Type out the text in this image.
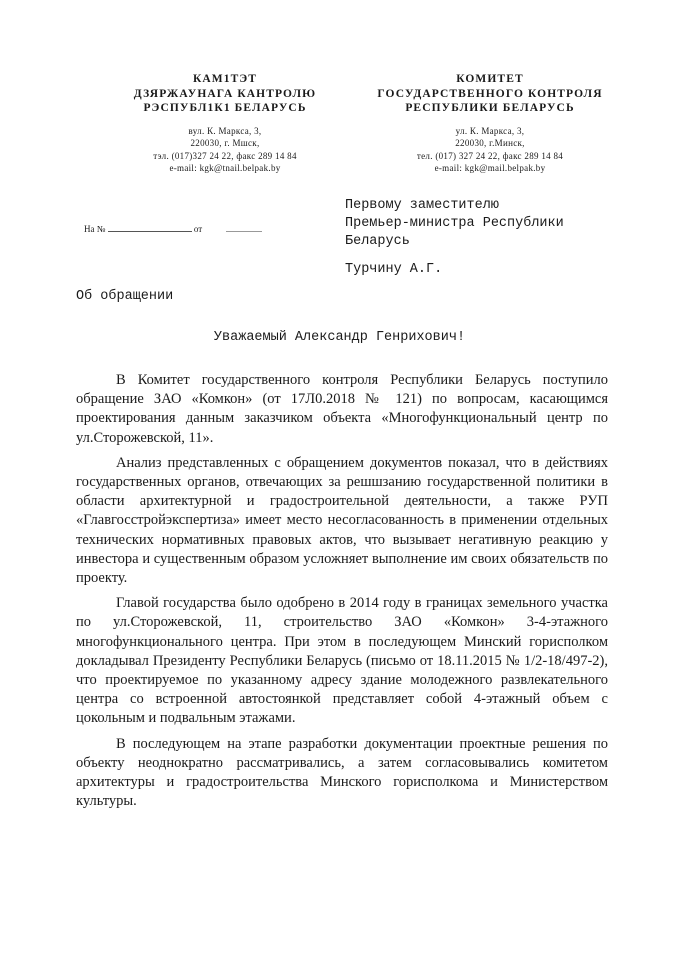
КАМ1ТЭТ
ДЗЯРЖАУНАГА КАНТРОЛЮ
РЭСПУБЛ1К1 БЕЛАРУСЬ
вул. К. Маркса, 3,
220030, г. Мшск,
тэл. (017)327 24 22, факс 289 14 84
e-mail: kgk@tnail.belpak.by
КОМИТЕТ
ГОСУДАРСТВЕННОГО КОНТРОЛЯ
РЕСПУБЛИКИ БЕЛАРУСЬ
ул. К. Маркса, 3,
220030, г.Минск,
тел. (017) 327 24 22, факс 289 14 84
e-mail: kgk@mail.belpak.by
На №	от
Первому заместителю
Премьер-министра Республики
Беларусь
Турчину А.Г.
Об обращении
Уважаемый Александр Генрихович!

В Комитет государственного контроля Республики Беларусь поступило обращение ЗАО «Комкон» (от 17Л0.2018 № 121) по вопросам, касающимся проектирования данным заказчиком объекта «Многофункциональный центр по ул.Сторожевской, 11».

Анализ представленных с обращением документов показал, что в действиях государственных органов, отвечающих за решшзанию государственной политики в области архитектурной и градостроительной деятельности, а также РУП «Главгосстройэкспертиза» имеет место несогласованность в применении отдельных технических нормативных правовых актов, что вызывает негативную реакцию у инвестора и существенным образом усложняет выполнение им своих обязательств по проекту.

Главой государства было одобрено в 2014 году в границах земельного участка по ул.Сторожевской, 11, строительство ЗАО «Комкон» 3-4-этажного многофункционального центра. При этом в последующем Минский горисполком докладывал Президенту Республики Беларусь (письмо от 18.11.2015 № 1/2-18/497-2), что проектируемое по указанному адресу здание молодежного развлекательного центра со встроенной автостоянкой представляет собой 4-этажный объем с цокольным и подвальным этажами.

В последующем на этапе разработки документации проектные решения по объекту неоднократно рассматривались, а затем согласовывались комитетом архитектуры и градостроительства Минского горисполкома и Министерством культуры.
